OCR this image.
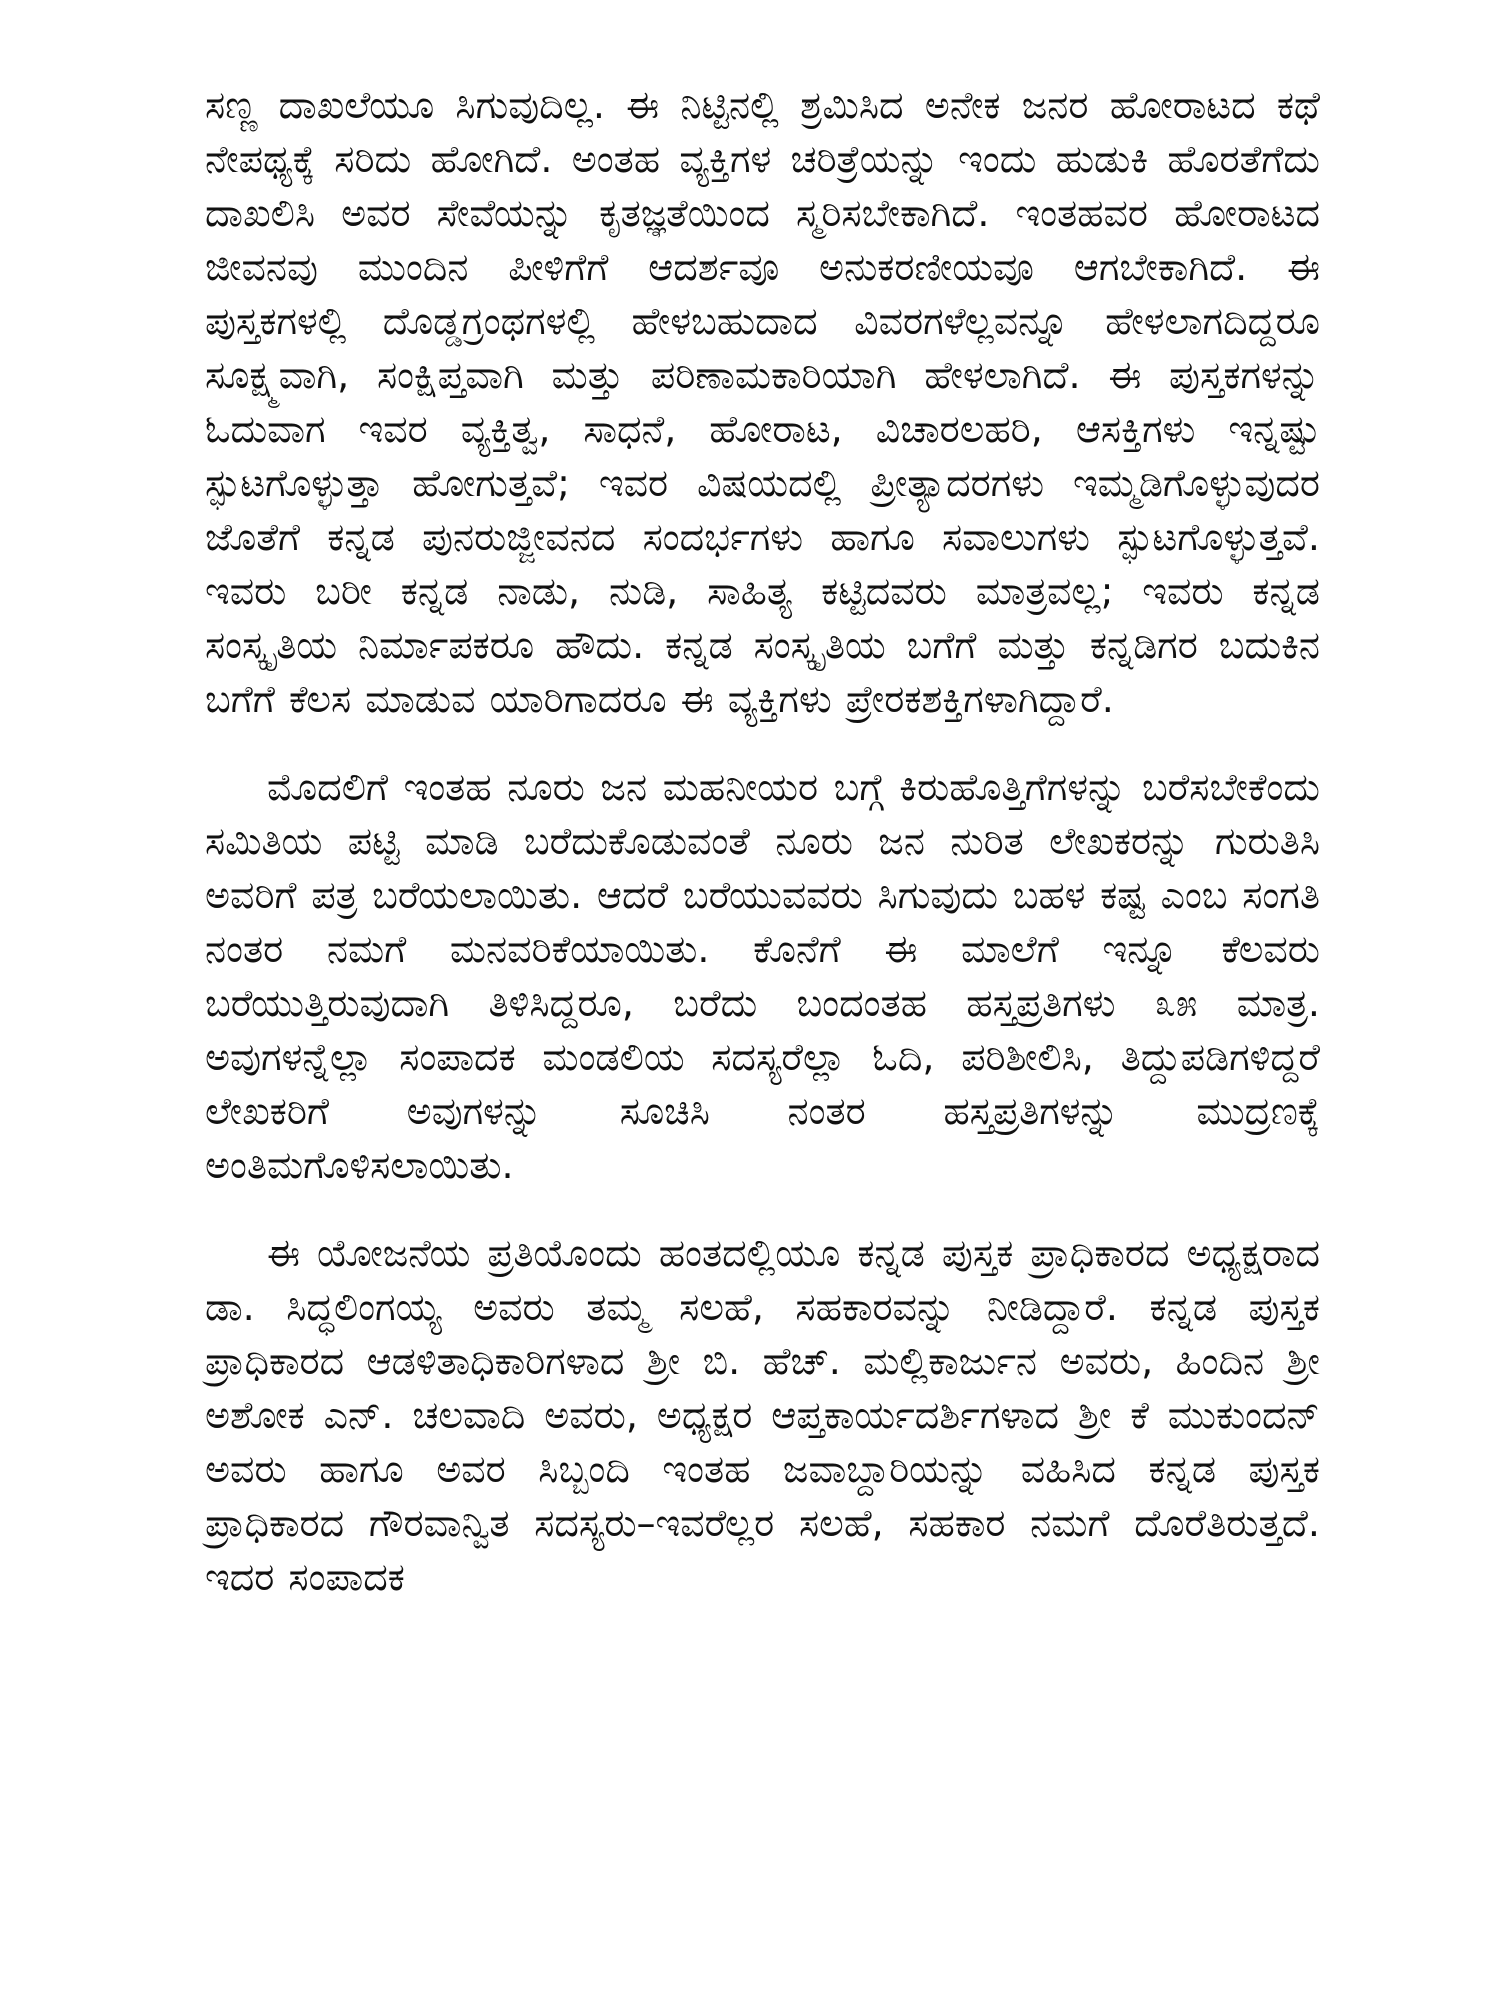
ಸಣ್ಣ ದಾಖಲೆಯೂ ಸಿಗುವುದಿಲ್ಲ. ಈ ನಿಟ್ಟಿನಲ್ಲಿ ಶ್ರಮಿಸಿದ ಅನೇಕ ಜನರ ಹೋರಾಟದ ಕಥೆ ನೇಪಥ್ಯಕ್ಕೆ ಸರಿದು ಹೋಗಿದೆ. ಅಂತಹ ವ್ಯಕ್ತಿಗಳ ಚರಿತ್ರೆಯನ್ನು ಇಂದು ಹುಡುಕಿ ಹೊರತೆಗೆದು ದಾಖಲಿಸಿ ಅವರ ಸೇವೆಯನ್ನು ಕೃತಜ್ಞತೆಯಿಂದ ಸ್ಮರಿಸಬೇಕಾಗಿದೆ. ಇಂತಹವರ ಹೋರಾಟದ ಜೀವನವು ಮುಂದಿನ ಪೀಳಿಗೆಗೆ ಆದರ್ಶವೂ ಅನುಕರಣೀಯವೂ ಆಗಬೇಕಾಗಿದೆ. ಈ ಪುಸ್ತಕಗಳಲ್ಲಿ ದೊಡ್ಡಗ್ರಂಥಗಳಲ್ಲಿ ಹೇಳಬಹುದಾದ ವಿವರಗಳೆಲ್ಲವನ್ನೂ ಹೇಳಲಾಗದಿದ್ದರೂ ಸೂಕ್ಷ್ಮವಾಗಿ, ಸಂಕ್ಷಿಪ್ತವಾಗಿ ಮತ್ತು ಪರಿಣಾಮಕಾರಿಯಾಗಿ ಹೇಳಲಾಗಿದೆ. ಈ ಪುಸ್ತಕಗಳನ್ನು ಓದುವಾಗ ಇವರ ವ್ಯಕ್ತಿತ್ವ, ಸಾಧನೆ, ಹೋರಾಟ, ವಿಚಾರಲಹರಿ, ಆಸಕ್ತಿಗಳು ಇನ್ನಷ್ಟು ಸ್ಫುಟಗೊಳ್ಳುತ್ತಾ ಹೋಗುತ್ತವೆ; ಇವರ ವಿಷಯದಲ್ಲಿ ಪ್ರೀತ್ಯಾದರಗಳು ಇಮ್ಮಡಿಗೊಳ್ಳುವುದರ ಜೊತೆಗೆ ಕನ್ನಡ ಪುನರುಜ್ಜೀವನದ ಸಂದರ್ಭಗಳು ಹಾಗೂ ಸವಾಲುಗಳು ಸ್ಫುಟಗೊಳ್ಳುತ್ತವೆ. ಇವರು ಬರೀ ಕನ್ನಡ ನಾಡು, ನುಡಿ, ಸಾಹಿತ್ಯ ಕಟ್ಟಿದವರು ಮಾತ್ರವಲ್ಲ; ಇವರು ಕನ್ನಡ ಸಂಸ್ಕೃತಿಯ ನಿರ್ಮಾಪಕರೂ ಹೌದು. ಕನ್ನಡ ಸಂಸ್ಕೃತಿಯ ಬಗೆಗೆ ಮತ್ತು ಕನ್ನಡಿಗರ ಬದುಕಿನ ಬಗೆಗೆ ಕೆಲಸ ಮಾಡುವ ಯಾರಿಗಾದರೂ ಈ ವ್ಯಕ್ತಿಗಳು ಪ್ರೇರಕಶಕ್ತಿಗಳಾಗಿದ್ದಾರೆ.

ಮೊದಲಿಗೆ ಇಂತಹ ನೂರು ಜನ ಮಹನೀಯರ ಬಗ್ಗೆ ಕಿರುಹೊತ್ತಿಗೆಗಳನ್ನು ಬರೆಸಬೇಕೆಂದು ಸಮಿತಿಯ ಪಟ್ಟಿ ಮಾಡಿ ಬರೆದುಕೊಡುವಂತೆ ನೂರು ಜನ ನುರಿತ ಲೇಖಕರನ್ನು ಗುರುತಿಸಿ ಅವರಿಗೆ ಪತ್ರ ಬರೆಯಲಾಯಿತು. ಆದರೆ ಬರೆಯುವವರು ಸಿಗುವುದು ಬಹಳ ಕಷ್ಟ ಎಂಬ ಸಂಗತಿ ನಂತರ ನಮಗೆ ಮನವರಿಕೆಯಾಯಿತು. ಕೊನೆಗೆ ಈ ಮಾಲೆಗೆ ಇನ್ನೂ ಕೆಲವರು ಬರೆಯುತ್ತಿರುವುದಾಗಿ ತಿಳಿಸಿದ್ದರೂ, ಬರೆದು ಬಂದಂತಹ ಹಸ್ತಪ್ರತಿಗಳು ೩೫ ಮಾತ್ರ. ಅವುಗಳನ್ನೆಲ್ಲಾ ಸಂಪಾದಕ ಮಂಡಲಿಯ ಸದಸ್ಯರೆಲ್ಲಾ ಓದಿ, ಪರಿಶೀಲಿಸಿ, ತಿದ್ದುಪಡಿಗಳಿದ್ದರೆ ಲೇಖಕರಿಗೆ ಅವುಗಳನ್ನು ಸೂಚಿಸಿ ನಂತರ ಹಸ್ತಪ್ರತಿಗಳನ್ನು ಮುದ್ರಣಕ್ಕೆ ಅಂತಿಮಗೊಳಿಸಲಾಯಿತು.

ಈ ಯೋಜನೆಯ ಪ್ರತಿಯೊಂದು ಹಂತದಲ್ಲಿಯೂ ಕನ್ನಡ ಪುಸ್ತಕ ಪ್ರಾಧಿಕಾರದ ಅಧ್ಯಕ್ಷರಾದ ಡಾ. ಸಿದ್ಧಲಿಂಗಯ್ಯ ಅವರು ತಮ್ಮ ಸಲಹೆ, ಸಹಕಾರವನ್ನು ನೀಡಿದ್ದಾರೆ. ಕನ್ನಡ ಪುಸ್ತಕ ಪ್ರಾಧಿಕಾರದ ಆಡಳಿತಾಧಿಕಾರಿಗಳಾದ ಶ್ರೀ ಬಿ. ಹೆಚ್. ಮಲ್ಲಿಕಾರ್ಜುನ ಅವರು, ಹಿಂದಿನ ಶ್ರೀ ಅಶೋಕ ಎನ್. ಚಲವಾದಿ ಅವರು, ಅಧ್ಯಕ್ಷರ ಆಪ್ತಕಾರ್ಯದರ್ಶಿಗಳಾದ ಶ್ರೀ ಕೆ ಮುಕುಂದನ್ ಅವರು ಹಾಗೂ ಅವರ ಸಿಬ್ಬಂದಿ ಇಂತಹ ಜವಾಬ್ದಾರಿಯನ್ನು ವಹಿಸಿದ ಕನ್ನಡ ಪುಸ್ತಕ ಪ್ರಾಧಿಕಾರದ ಗೌರವಾನ್ವಿತ ಸದಸ್ಯರು–ಇವರೆಲ್ಲರ ಸಲಹೆ, ಸಹಕಾರ ನಮಗೆ ದೊರೆತಿರುತ್ತದೆ. ಇದರ ಸಂಪಾದಕ
